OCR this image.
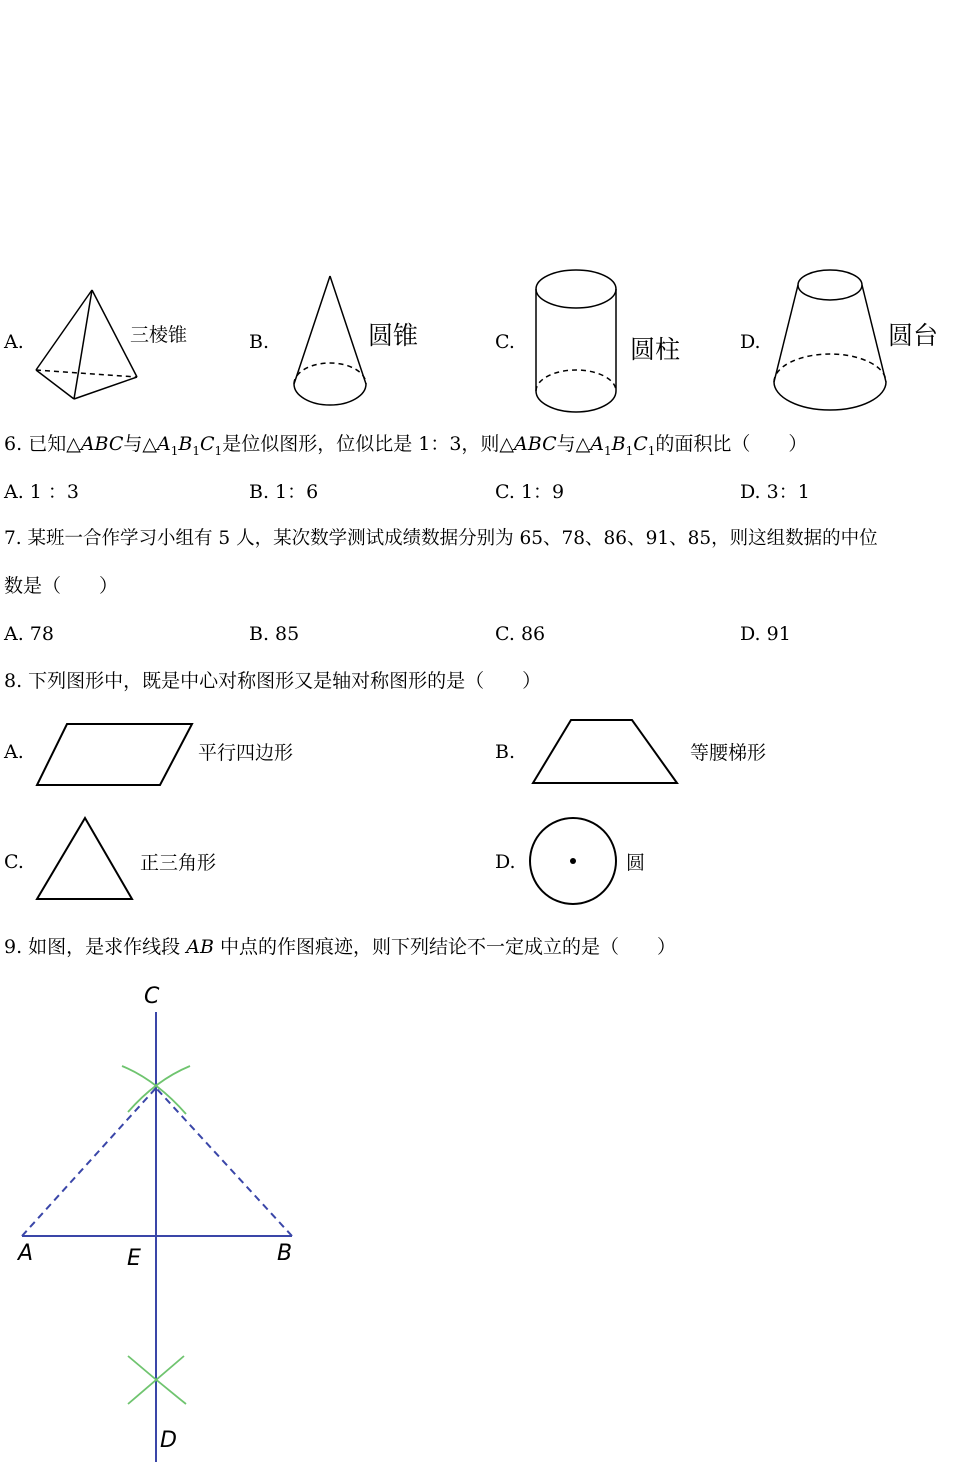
A.	三棱锥	B.	圆锥	C.	圆柱	D.	圆台
6. 已知△ABC与$\triangle A_1B_1C_1$是位似图形，位似比是 1：3，则△ABC与$\triangle A_1B_1C_1$的面积比（　　）
A. 1 ：3	B. 1：6	C. 1：9	D. 3：1
7. 某班一合作学习小组有 5 人，某次数学测试成绩数据分别为 65、78、86、91、85，则这组数据的中位
数是（　　）
A. 78	B. 85	C. 86	D. 91
8. 下列图形中，既是中心对称图形又是轴对称图形的是（　　）
A.	B.
C.	D.
平行四边形	等腰梯形
正三角形	圆
9. 如图，是求作线段 AB 中点的作图痕迹，则下列结论不一定成立的是（　　）
C
A	E	B
D
